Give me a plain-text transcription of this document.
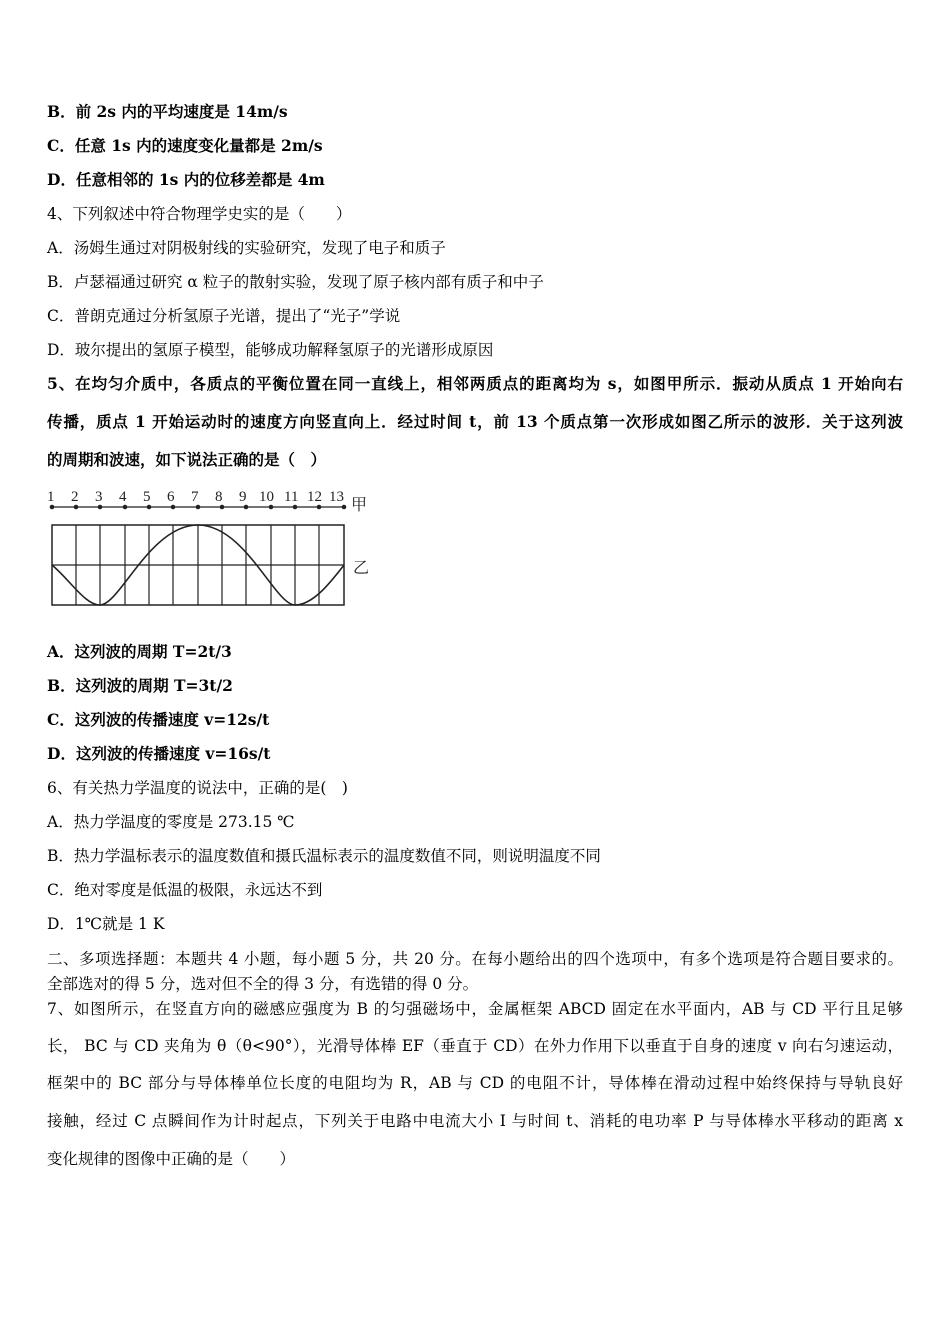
B．前 2s 内的平均速度是 14m/s
C．任意 1s 内的速度变化量都是 2m/s
D．任意相邻的 1s 内的位移差都是 4m
4、下列叙述中符合物理学史实的是（　　）
A．汤姆生通过对阴极射线的实验研究，发现了电子和质子
B．卢瑟福通过研究 α 粒子的散射实验，发现了原子核内部有质子和中子
C．普朗克通过分析氢原子光谱，提出了“光子”学说
D．玻尔提出的氢原子模型，能够成功解释氢原子的光谱形成原因
5、在均匀介质中，各质点的平衡位置在同一直线上，相邻两质点的距离均为 s，如图甲所示．振动从质点 1 开始向右
传播，质点 1 开始运动时的速度方向竖直向上．经过时间 t，前 13 个质点第一次形成如图乙所示的波形．关于这列波
的周期和波速，如下说法正确的是（　）
1 2 3 4 5 6 7 8 9 10 11 12 13 甲
乙
A．这列波的周期 T=2t/3
B．这列波的周期 T=3t/2
C．这列波的传播速度 v=12s/t
D．这列波的传播速度 v=16s/t
6、有关热力学温度的说法中，正确的是(　)
A．热力学温度的零度是 273.15 ℃
B．热力学温标表示的温度数值和摄氏温标表示的温度数值不同，则说明温度不同
C．绝对零度是低温的极限，永远达不到
D．1℃就是 1 K
二、多项选择题：本题共 4 小题，每小题 5 分，共 20 分。在每小题给出的四个选项中，有多个选项是符合题目要求的。
全部选对的得 5 分，选对但不全的得 3 分，有选错的得 0 分。
7、如图所示，在竖直方向的磁感应强度为 B 的匀强磁场中，金属框架 ABCD 固定在水平面内，AB 与 CD 平行且足够
长， BC 与 CD 夹角为 θ（θ<90°），光滑导体棒 EF（垂直于 CD）在外力作用下以垂直于自身的速度 v 向右匀速运动，
框架中的 BC 部分与导体棒单位长度的电阻均为 R，AB 与 CD 的电阻不计，导体棒在滑动过程中始终保持与导轨良好
接触，经过 C 点瞬间作为计时起点，下列关于电路中电流大小 I 与时间 t、消耗的电功率 P 与导体棒水平移动的距离 x
变化规律的图像中正确的是（　　）
